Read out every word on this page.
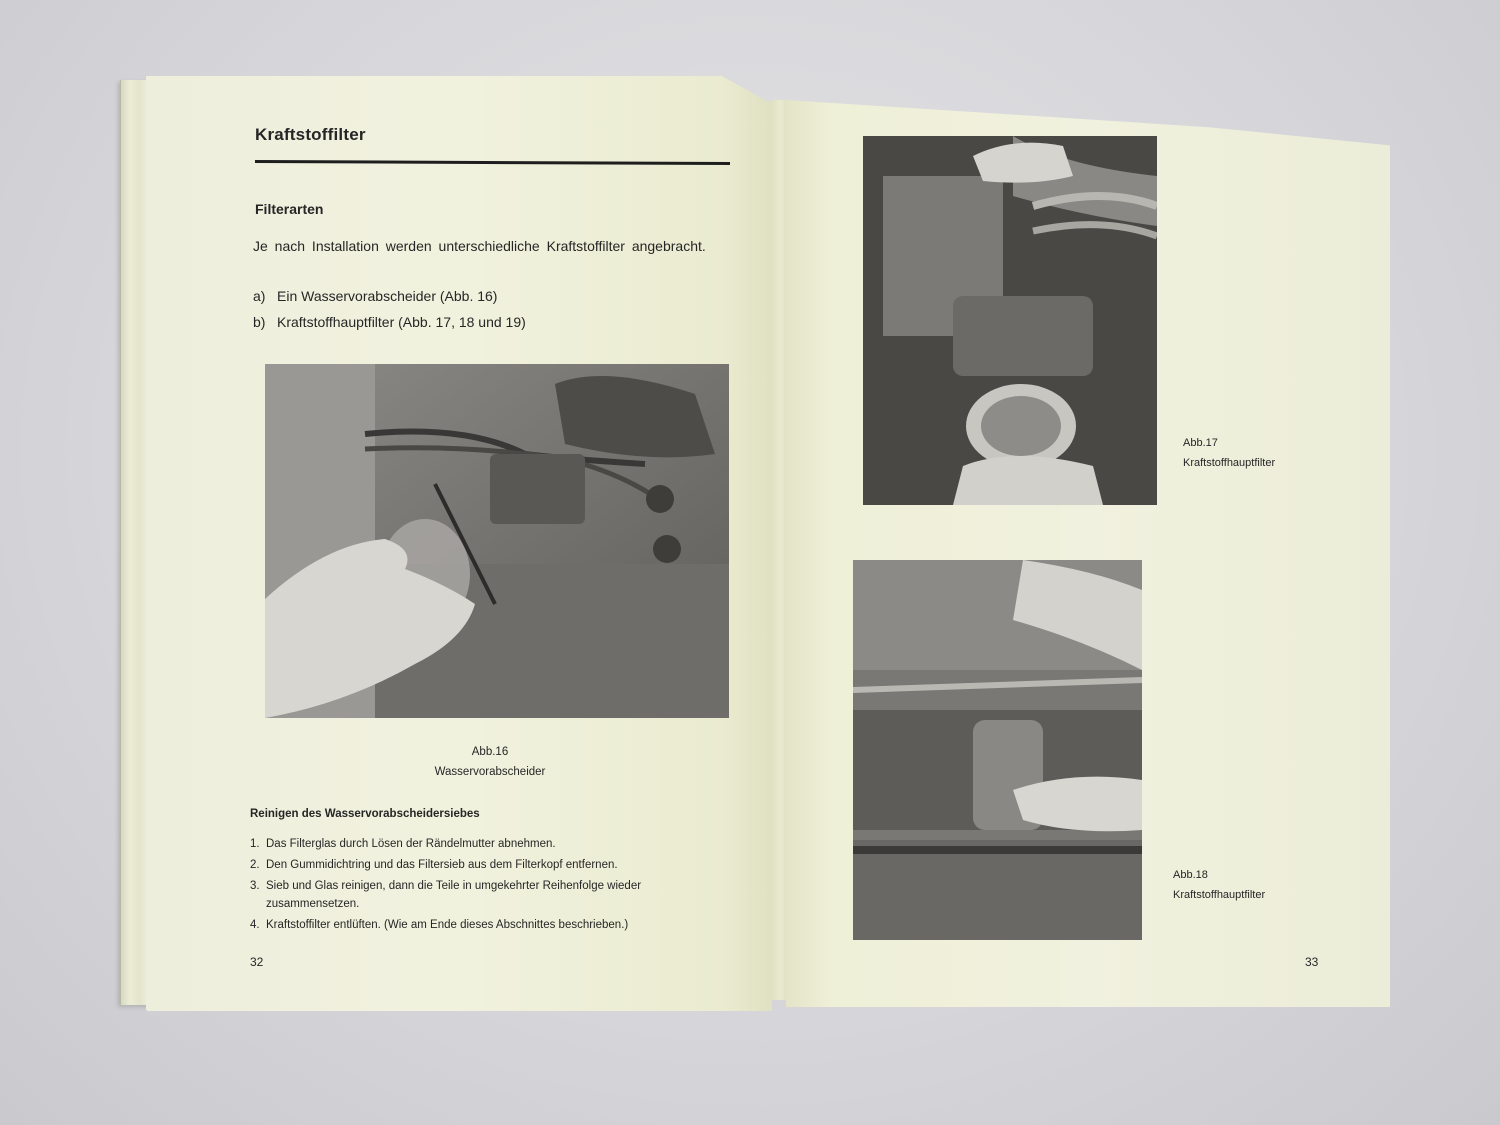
Kraftstoffilter
Filterarten
Je nach Installation werden unterschiedliche Kraftstoffilter angebracht.
a) Ein Wasservorabscheider (Abb. 16)
b) Kraftstoffhauptfilter (Abb. 17, 18 und 19)
Abb.16
Wasservorabscheider
Reinigen des Wasservorabscheidersiebes
1. Das Filterglas durch Lösen der Rändelmutter abnehmen.
2. Den Gummidichtring und das Filtersieb aus dem Filterkopf entfernen.
3. Sieb und Glas reinigen, dann die Teile in umgekehrter Reihenfolge wieder zusammensetzen.
4. Kraftstoffilter entlüften. (Wie am Ende dieses Abschnittes beschrieben.)
32
Abb.17
Kraftstoffhauptfilter
Abb.18
Kraftstoffhauptfilter
33
